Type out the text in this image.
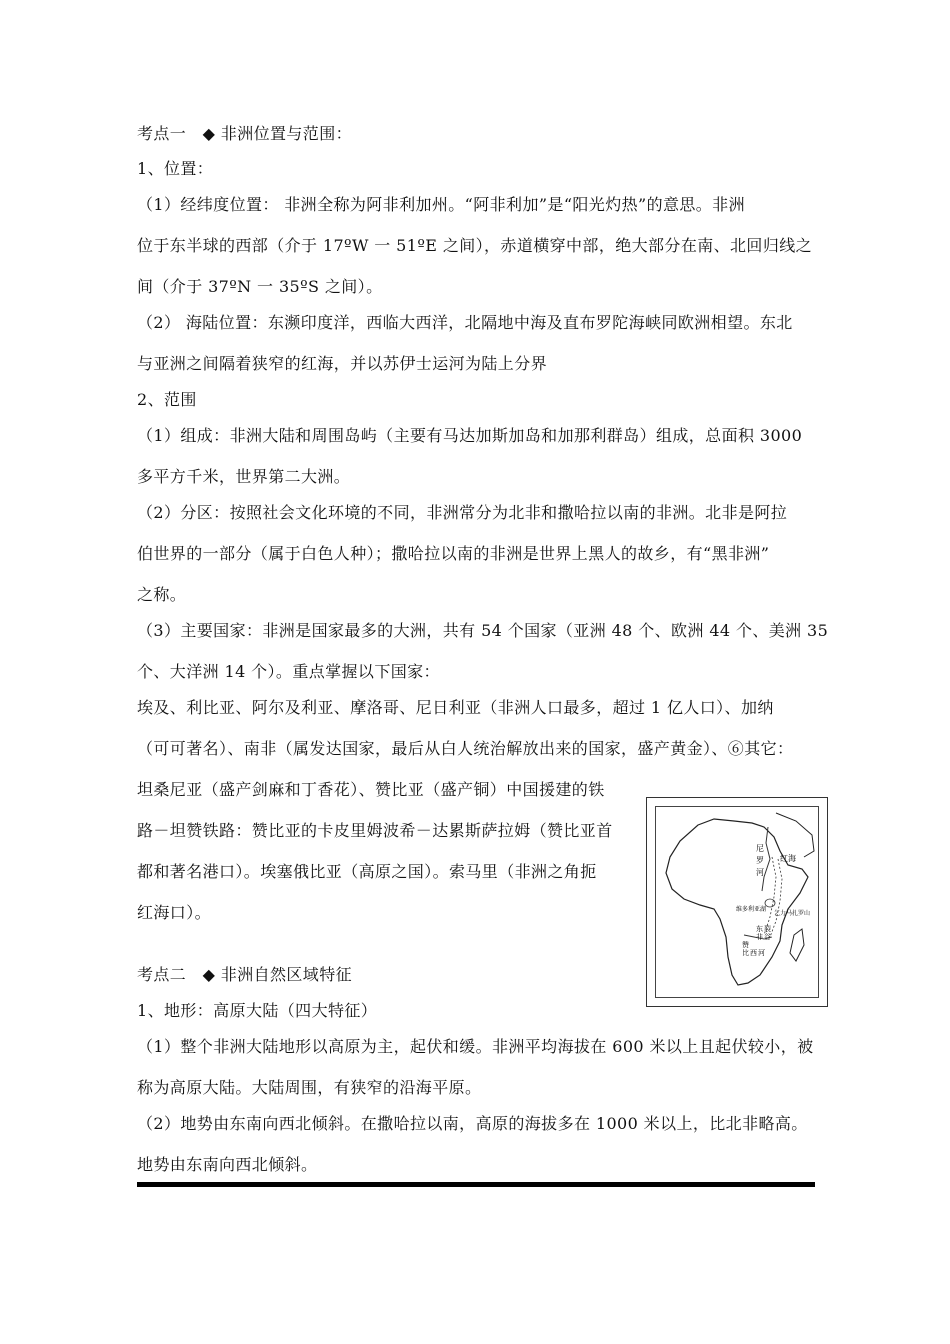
考点一　◆ 非洲位置与范围：
1、位置：
（1）经纬度位置： 非洲全称为阿非利加州。“阿非利加”是“阳光灼热”的意思。非洲
位于东半球的西部（介于 17ºW 一 51ºE 之间），赤道横穿中部，绝大部分在南、北回归线之
间（介于 37ºN 一 35ºS 之间）。
（2） 海陆位置：东濒印度洋，西临大西洋，北隔地中海及直布罗陀海峡同欧洲相望。东北
与亚洲之间隔着狭窄的红海，并以苏伊士运河为陆上分界
2、范围
（1）组成：非洲大陆和周围岛屿（主要有马达加斯加岛和加那利群岛）组成，总面积 3000
多平方千米，世界第二大洲。
（2）分区：按照社会文化环境的不同，非洲常分为北非和撒哈拉以南的非洲。北非是阿拉
伯世界的一部分（属于白色人种）；撒哈拉以南的非洲是世界上黑人的故乡，有“黑非洲”
之称。
（3）主要国家：非洲是国家最多的大洲，共有 54 个国家（亚洲 48 个、欧洲 44 个、美洲 35
个、大洋洲 14 个）。重点掌握以下国家：
埃及、利比亚、阿尔及利亚、摩洛哥、尼日利亚（非洲人口最多，超过 1 亿人口）、加纳
（可可著名）、南非（属发达国家，最后从白人统治解放出来的国家，盛产黄金）、⑥其它：
坦桑尼亚（盛产剑麻和丁香花）、赞比亚（盛产铜）中国援建的铁
路－坦赞铁路：赞比亚的卡皮里姆波希－达累斯萨拉姆（赞比亚首
都和著名港口）。埃塞俄比亚（高原之国）。索马里（非洲之角扼
红海口）。
考点二　◆ 非洲自然区域特征
1、地形：高原大陆（四大特征）
（1）整个非洲大陆地形以高原为主，起伏和缓。非洲平均海拔在 600 米以上且起伏较小，被
称为高原大陆。大陆周围，有狭窄的沿海平原。
（2）地势由东南向西北倾斜。在撒哈拉以南，高原的海拔多在 1000 米以上，比北非略高。
地势由东南向西北倾斜。
尼
罗
河
红海
乞力马扎罗山
维多利亚湖
东
非
裂
谷
赞
比 西 河
